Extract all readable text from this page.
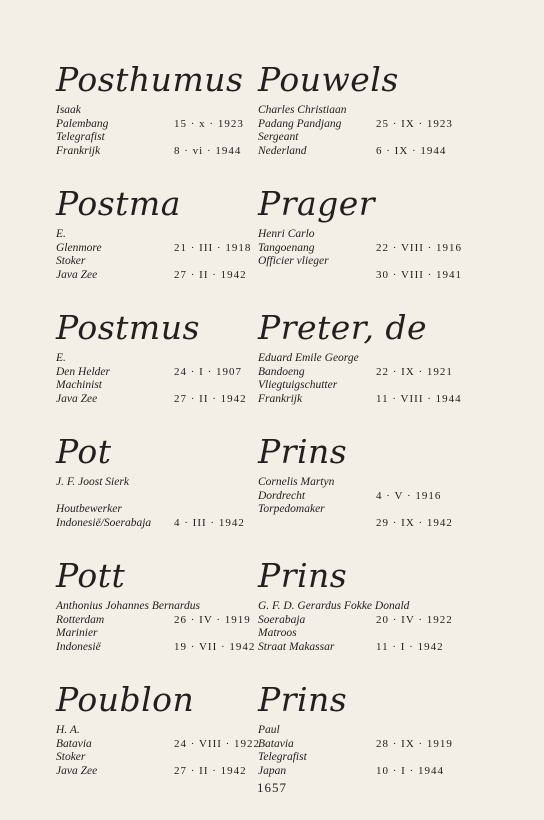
Posthumus
Isaak
Palembang	15 · x · 1923
Telegrafist
Frankrijk	8 · vi · 1944
Postma
E.
Glenmore	21 · III · 1918
Stoker
Java Zee	27 · II · 1942
Postmus
E.
Den Helder	24 · I · 1907
Machinist
Java Zee	27 · II · 1942
Pot
J. F. Joost Sierk
Houtbewerker
Indonesië/Soerabaja 4 · III · 1942
Pott
Anthonius Johannes Bernardus
Rotterdam	26 · IV · 1919
Marinier
Indonesië	19 · VII · 1942
Poublon
H. A.
Batavia	24 · VIII · 1922
Stoker
Java Zee	27 · II · 1942
Pouwels
Charles Christiaan
Padang Pandjang	25 · IX · 1923
Sergeant
Nederland	6 · IX · 1944
Prager
Henri Carlo
Tangoenang	22 · VIII · 1916
Officier vlieger
30 · VIII · 1941
Preter, de
Eduard Emile George
Bandoeng	22 · IX · 1921
Vliegtuigschutter
Frankrijk	11 · VIII · 1944
Prins
Cornelis Martyn
Dordrecht	4 · V · 1916
Torpedomaker
29 · IX · 1942
Prins
G. F. D. Gerardus Fokke Donald
Soerabaja	20 · IV · 1922
Matroos
Straat Makassar	11 · I · 1942
Prins
Paul
Batavia	28 · IX · 1919
Telegrafist
Japan	10 · I · 1944
1657
